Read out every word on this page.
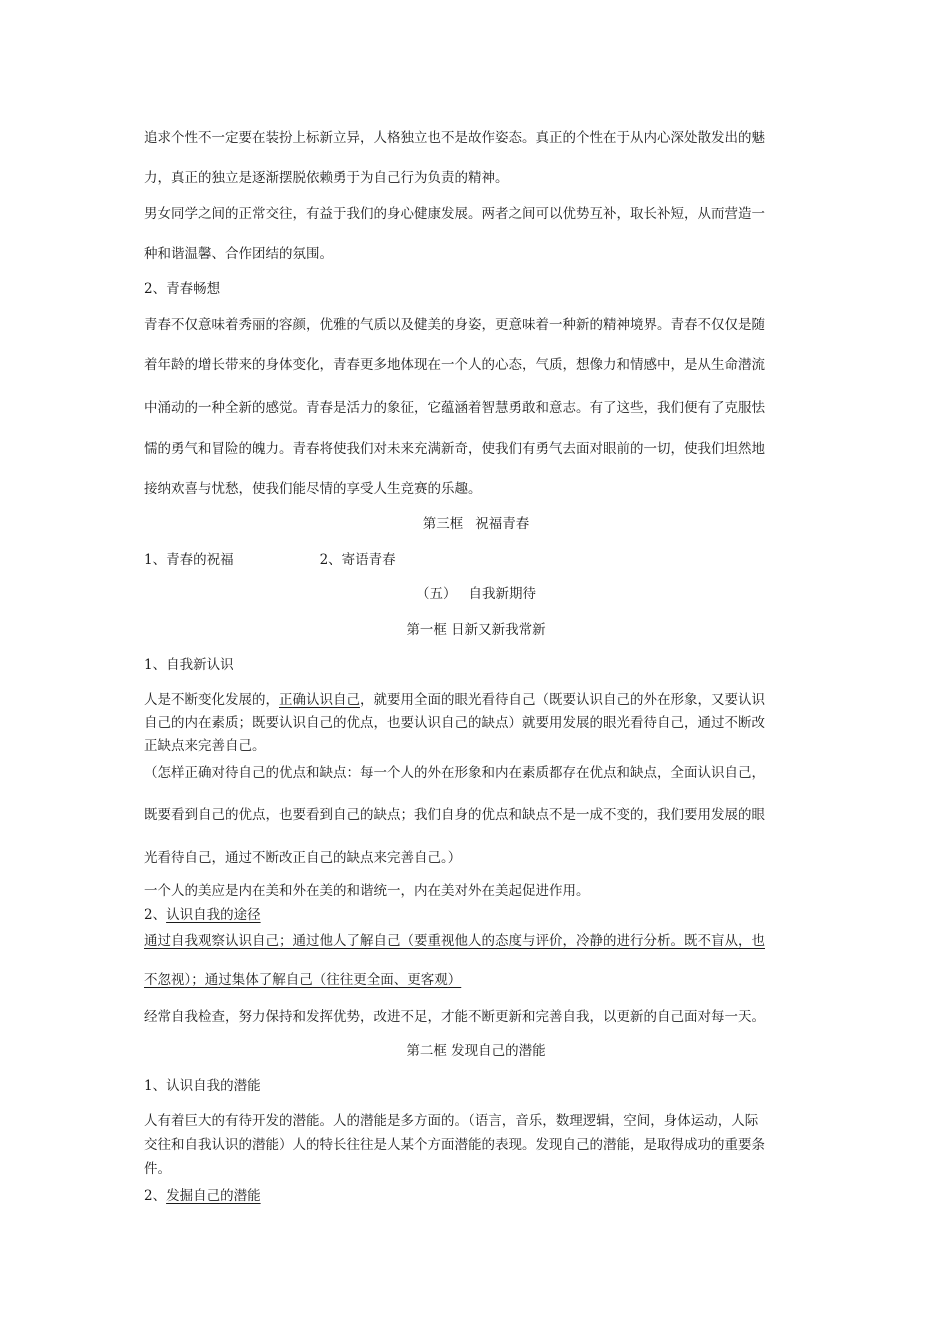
追求个性不一定要在装扮上标新立异，人格独立也不是故作姿态。真正的个性在于从内心深处散发出的魅
力，真正的独立是逐渐摆脱依赖勇于为自己行为负责的精神。
男女同学之间的正常交往，有益于我们的身心健康发展。两者之间可以优势互补，取长补短，从而营造一
种和谐温馨、合作团结的氛围。
2、青春畅想
青春不仅意味着秀丽的容颜，优雅的气质以及健美的身姿，更意味着一种新的精神境界。青春不仅仅是随
着年龄的增长带来的身体变化，青春更多地体现在一个人的心态，气质，想像力和情感中，是从生命潜流
中涌动的一种全新的感觉。青春是活力的象征，它蕴涵着智慧勇敢和意志。有了这些，我们便有了克服怯
懦的勇气和冒险的魄力。青春将使我们对未来充满新奇，使我们有勇气去面对眼前的一切，使我们坦然地
接纳欢喜与忧愁，使我们能尽情的享受人生竞赛的乐趣。
第三框 祝福青春
1、青春的祝福	2、寄语青春
（五） 自我新期待
第一框 日新又新我常新
1、自我新认识
人是不断变化发展的，正确认识自己，就要用全面的眼光看待自己（既要认识自己的外在形象，又要认识
自己的内在素质；既要认识自己的优点，也要认识自己的缺点）就要用发展的眼光看待自己，通过不断改
正缺点来完善自己。
（怎样正确对待自己的优点和缺点：每一个人的外在形象和内在素质都存在优点和缺点，全面认识自己，
既要看到自己的优点，也要看到自己的缺点；我们自身的优点和缺点不是一成不变的，我们要用发展的眼
光看待自己，通过不断改正自己的缺点来完善自己。）
一个人的美应是内在美和外在美的和谐统一，内在美对外在美起促进作用。
2、认识自我的途径
通过自我观察认识自己；通过他人了解自己（要重视他人的态度与评价，冷静的进行分析。既不盲从，也
不忽视）；通过集体了解自己（往往更全面、更客观）
经常自我检查，努力保持和发挥优势，改进不足，才能不断更新和完善自我，以更新的自己面对每一天。
第二框 发现自己的潜能
1、认识自我的潜能
人有着巨大的有待开发的潜能。人的潜能是多方面的。（语言，音乐，数理逻辑，空间，身体运动，人际
交往和自我认识的潜能）人的特长往往是人某个方面潜能的表现。发现自己的潜能，是取得成功的重要条
件。
2、发掘自己的潜能
